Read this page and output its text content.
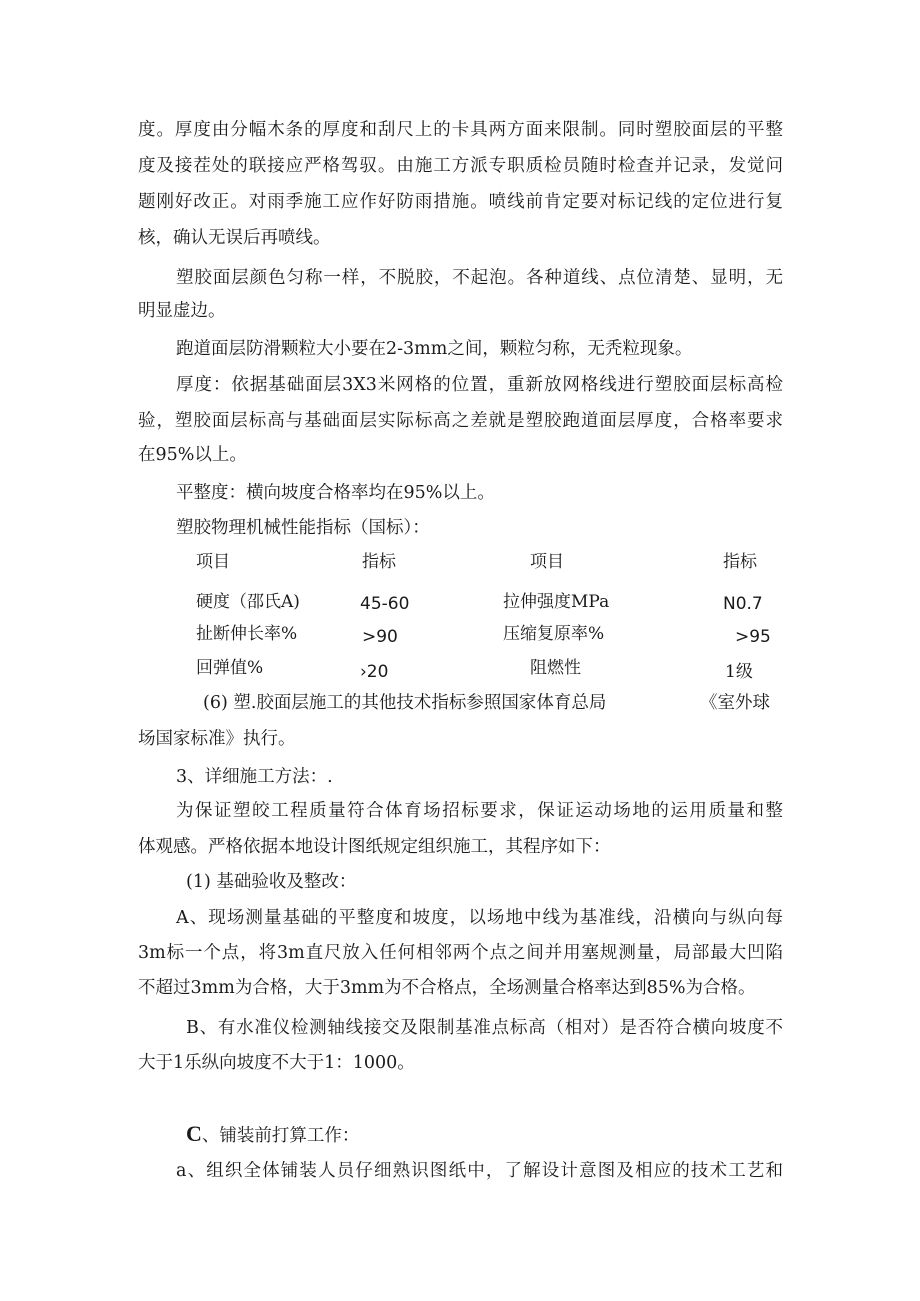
度。厚度由分幅木条的厚度和刮尺上的卡具两方面来限制。同时塑胶面层的平整
度及接茬处的联接应严格驾驭。由施工方派专职质检员随时检查并记录，发觉问
题刚好改正。对雨季施工应作好防雨措施。喷线前肯定要对标记线的定位进行复
核，确认无误后再喷线。
塑胶面层颜色匀称一样，不脱胶，不起泡。各种道线、点位清楚、显明，无
明显虚边。
跑道面层防滑颗粒大小要在2-3mm之间，颗粒匀称，无秃粒现象。
厚度：依据基础面层3X3米网格的位置，重新放网格线进行塑胶面层标高检
验，塑胶面层标高与基础面层实际标高之差就是塑胶跑道面层厚度，合格率要求
在95%以上。
平整度：横向坡度合格率均在95%以上。
塑胶物理机械性能指标（国标）：
项目	指标	项目	指标
硬度（邵氏A)	45-60	拉伸强度MPa	N0.7
扯断伸长率%	>90	压缩复原率%	>95
回弹值%	›20	阻燃性	1级
(6) 塑.胶面层施工的其他技术指标参照国家体育总局	《室外球
场国家标准》执行。
3、详细施工方法：.
为保证塑皎工程质量符合体育场招标要求，保证运动场地的运用质量和整
体观感。严格依据本地设计图纸规定组织施工，其程序如下：
(1) 基础验收及整改：
A、现场测量基础的平整度和坡度，以场地中线为基准线，沿横向与纵向每
3m标一个点，将3m直尺放入任何相邻两个点之间并用塞规测量，局部最大凹陷
不超过3mm为合格，大于3mm为不合格点，全场测量合格率达到85%为合格。
B、有水准仪检测轴线接交及限制基准点标高（相对）是否符合横向坡度不
大于1乐纵向坡度不大于1：1000。
C、铺装前打算工作：
a、组织全体铺装人员仔细熟识图纸中，了解设计意图及相应的技术工艺和
